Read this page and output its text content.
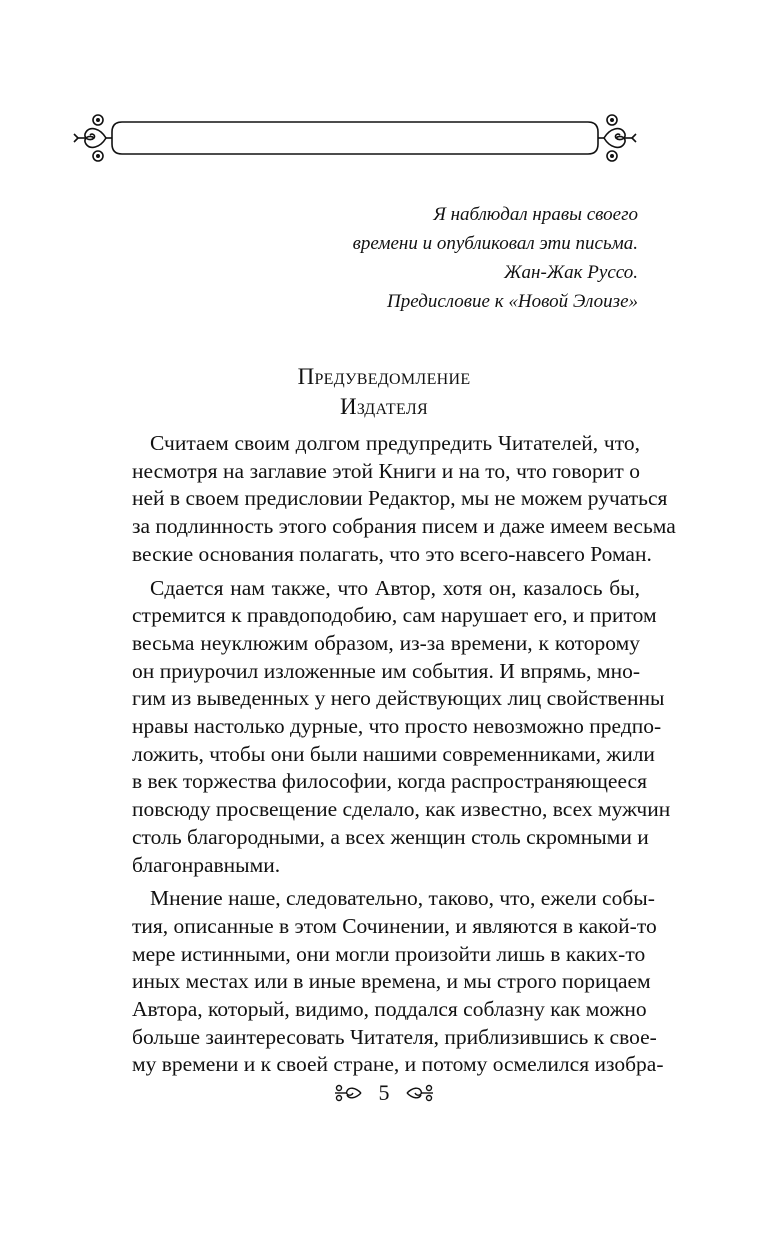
Я наблюдал нравы своего
времени и опубликовал эти письма.
Жан-Жак Руссо.
Предисловие к «Новой Элоизе»
Предуведомление
Издателя
Считаем своим долгом предупредить Читателей, что,
несмотря на заглавие этой Книги и на то, что говорит о
ней в своем предисловии Редактор, мы не можем ручаться
за подлинность этого собрания писем и даже имеем весьма
веские основания полагать, что это всего-навсего Роман.
Сдается нам также, что Автор, хотя он, казалось бы,
стремится к правдоподобию, сам нарушает его, и притом
весьма неуклюжим образом, из-за времени, к которому
он приурочил изложенные им события. И впрямь, мно-
гим из выведенных у него действующих лиц свойственны
нравы настолько дурные, что просто невозможно предпо-
ложить, чтобы они были нашими современниками, жили
в век торжества философии, когда распространяющееся
повсюду просвещение сделало, как известно, всех мужчин
столь благородными, а всех женщин столь скромными и
благонравными.
Мнение наше, следовательно, таково, что, ежели собы-
тия, описанные в этом Сочинении, и являются в какой-то
мере истинными, они могли произойти лишь в каких-то
иных местах или в иные времена, и мы строго порицаем
Автора, который, видимо, поддался соблазну как можно
больше заинтересовать Читателя, приблизившись к свое-
му времени и к своей стране, и потому осмелился изобра-
5
